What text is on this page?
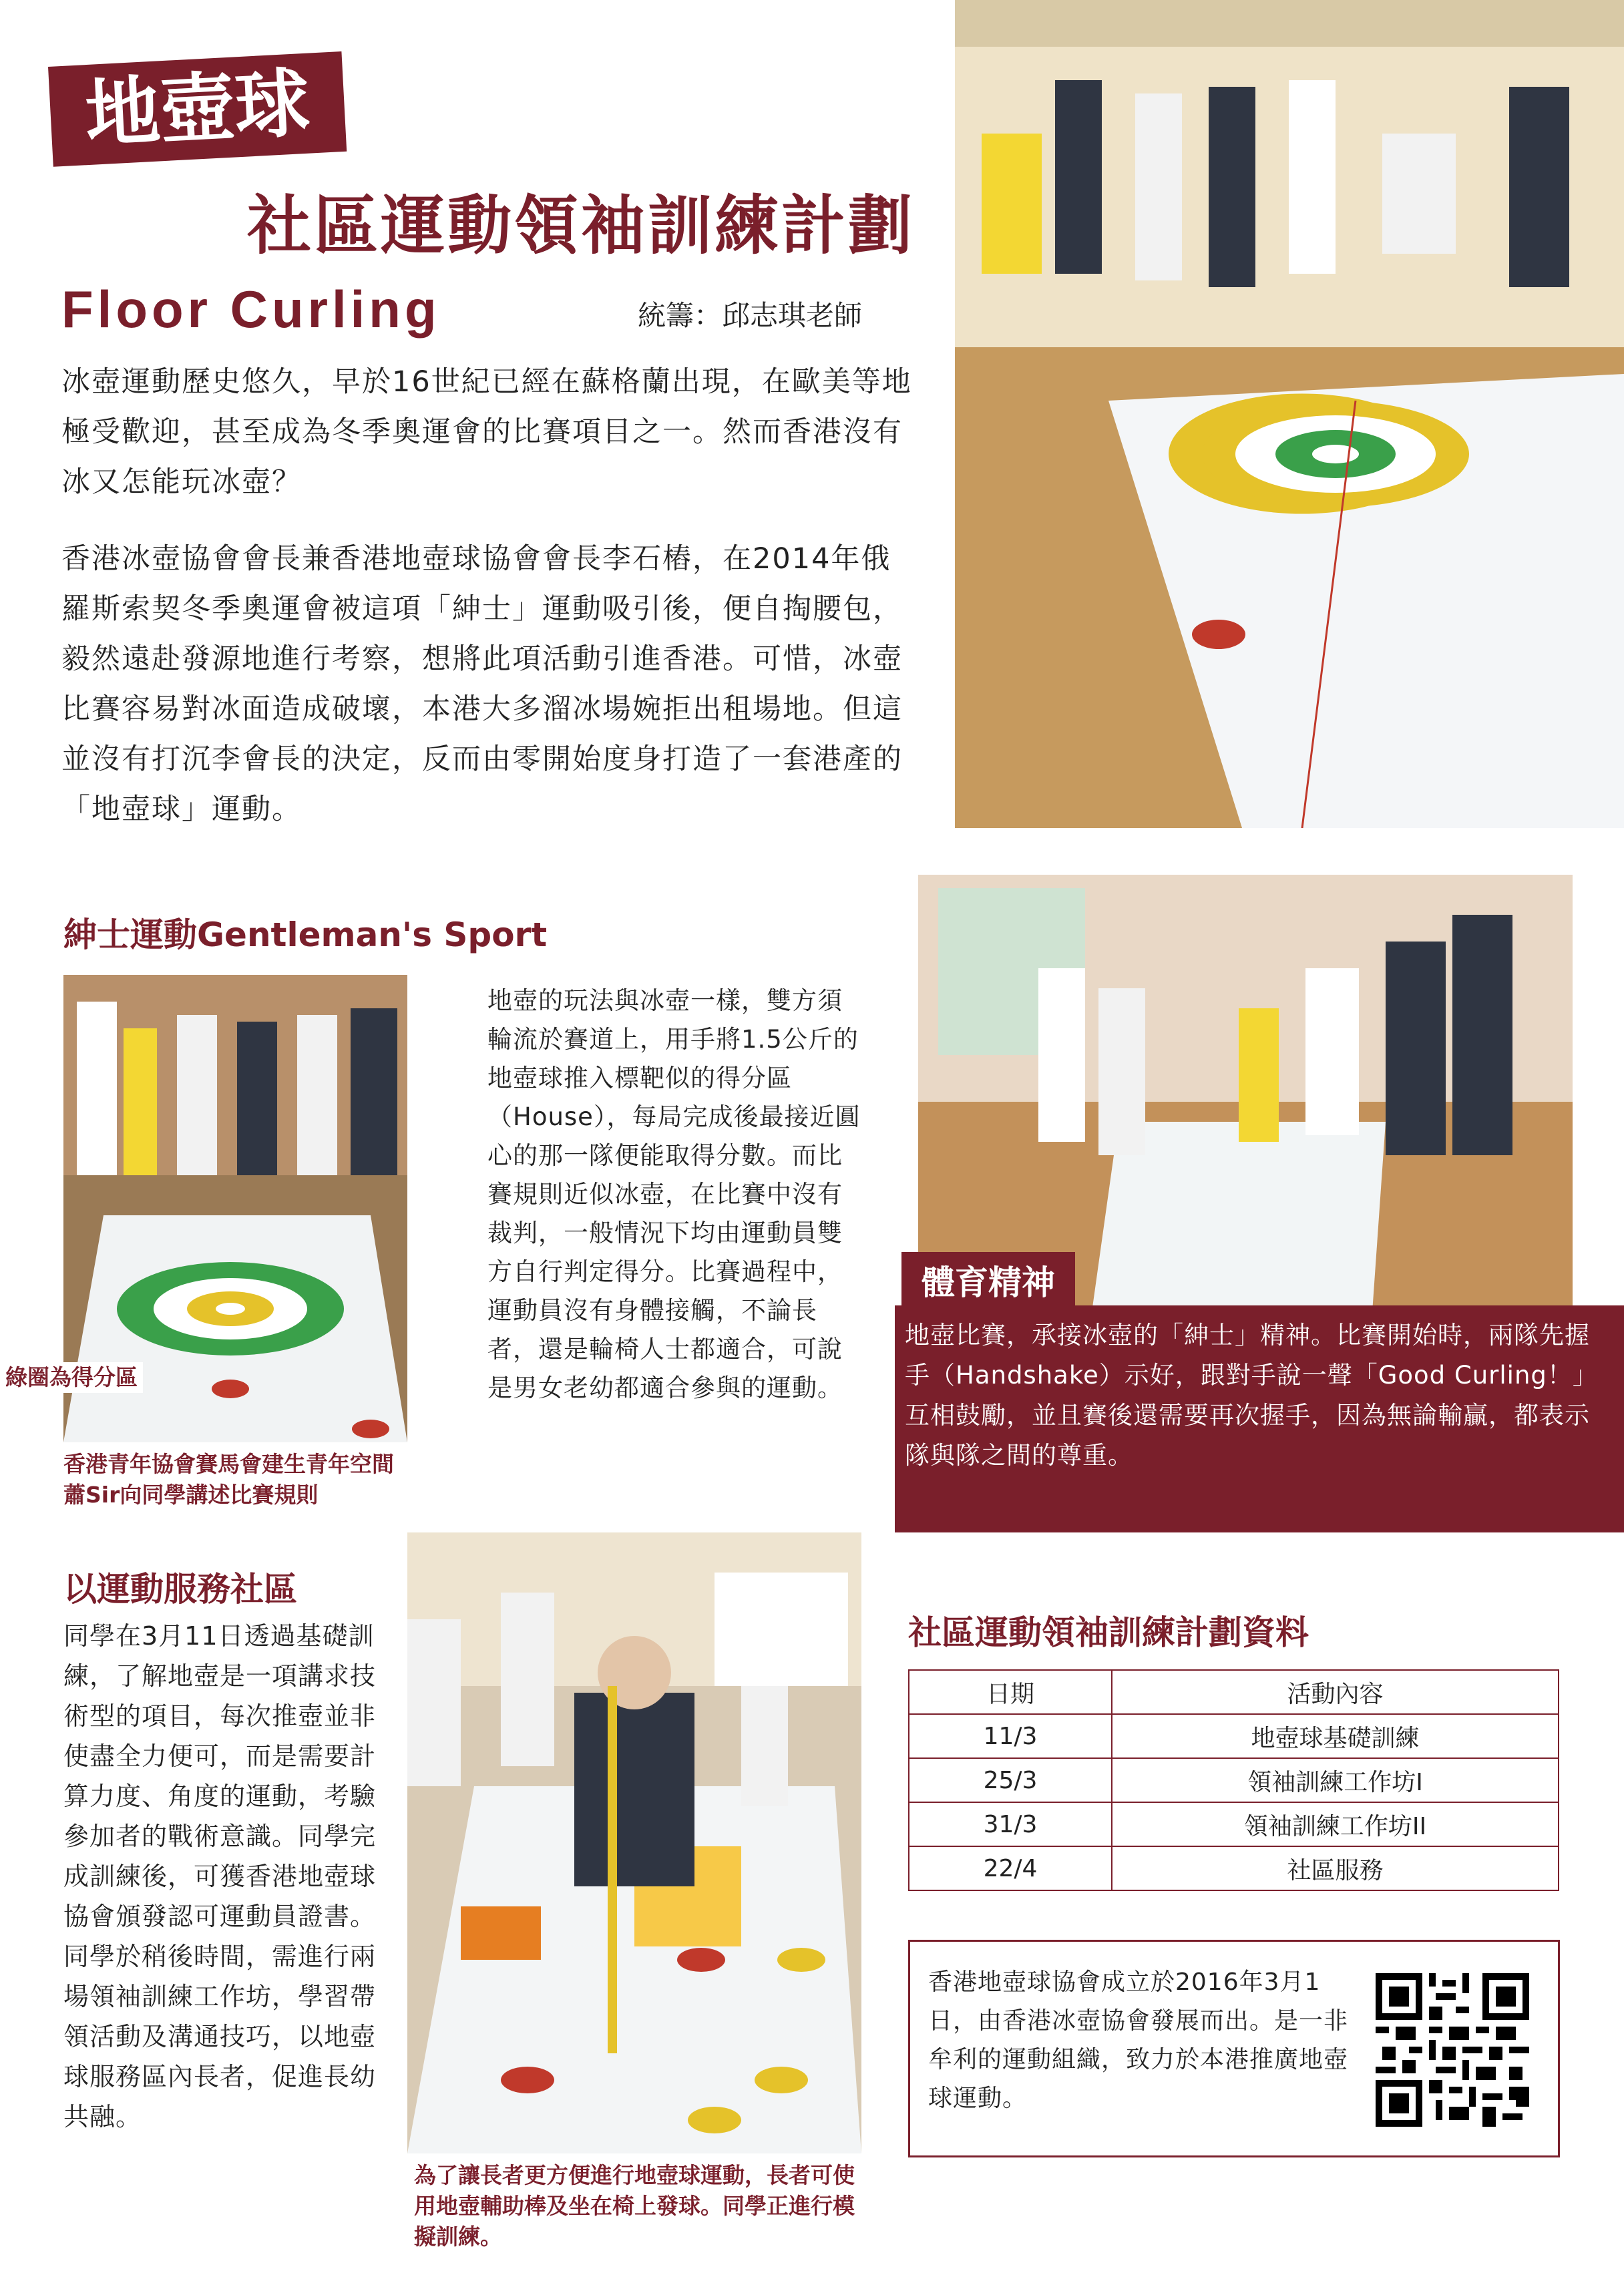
地壺球
社區運動領袖訓練計劃
Floor Curling	統籌：邱志琪老師
冰壺運動歷史悠久，早於16世紀已經在蘇格蘭出現，在歐美等地極受歡迎，甚至成為冬季奧運會的比賽項目之一。然而香港沒有冰又怎能玩冰壺？
香港冰壺協會會長兼香港地壺球協會會長李石樁，在2014年俄羅斯索契冬季奧運會被這項「紳士」運動吸引後，便自掏腰包，毅然遠赴發源地進行考察，想將此項活動引進香港。可惜，冰壺比賽容易對冰面造成破壞，本港大多溜冰場婉拒出租場地。但這並沒有打沉李會長的決定，反而由零開始度身打造了一套港產的「地壺球」運動。
紳士運動Gentleman's Sport
綠圈為得分區
香港青年協會賽馬會建生青年空間蕭Sir向同學講述比賽規則
地壺的玩法與冰壺一樣，雙方須輪流於賽道上，用手將1.5公斤的地壺球推入標靶似的得分區（House），每局完成後最接近圓心的那一隊便能取得分數。而比賽規則近似冰壺，在比賽中沒有裁判，一般情況下均由運動員雙方自行判定得分。比賽過程中，運動員沒有身體接觸，不論長者，還是輪椅人士都適合，可說是男女老幼都適合參與的運動。
體育精神
地壺比賽，承接冰壺的「紳士」精神。比賽開始時，兩隊先握手（Handshake）示好，跟對手說一聲「Good Curling！」互相鼓勵，並且賽後還需要再次握手，因為無論輸贏，都表示隊與隊之間的尊重。
以運動服務社區
同學在3月11日透過基礎訓練，了解地壺是一項講求技術型的項目，每次推壺並非使盡全力便可，而是需要計算力度、角度的運動，考驗參加者的戰術意識。同學完成訓練後，可獲香港地壺球協會頒發認可運動員證書。同學於稍後時間，需進行兩場領袖訓練工作坊，學習帶領活動及溝通技巧，以地壺球服務區內長者，促進長幼共融。
為了讓長者更方便進行地壺球運動，長者可使用地壺輔助棒及坐在椅上發球。同學正進行模擬訓練。
社區運動領袖訓練計劃資料
日期	活動內容
11/3	地壺球基礎訓練
25/3	領袖訓練工作坊I
31/3	領袖訓練工作坊II
22/4	社區服務
香港地壺球協會成立於2016年3月1日，由香港冰壺協會發展而出。是一非牟利的運動組織，致力於本港推廣地壺球運動。
